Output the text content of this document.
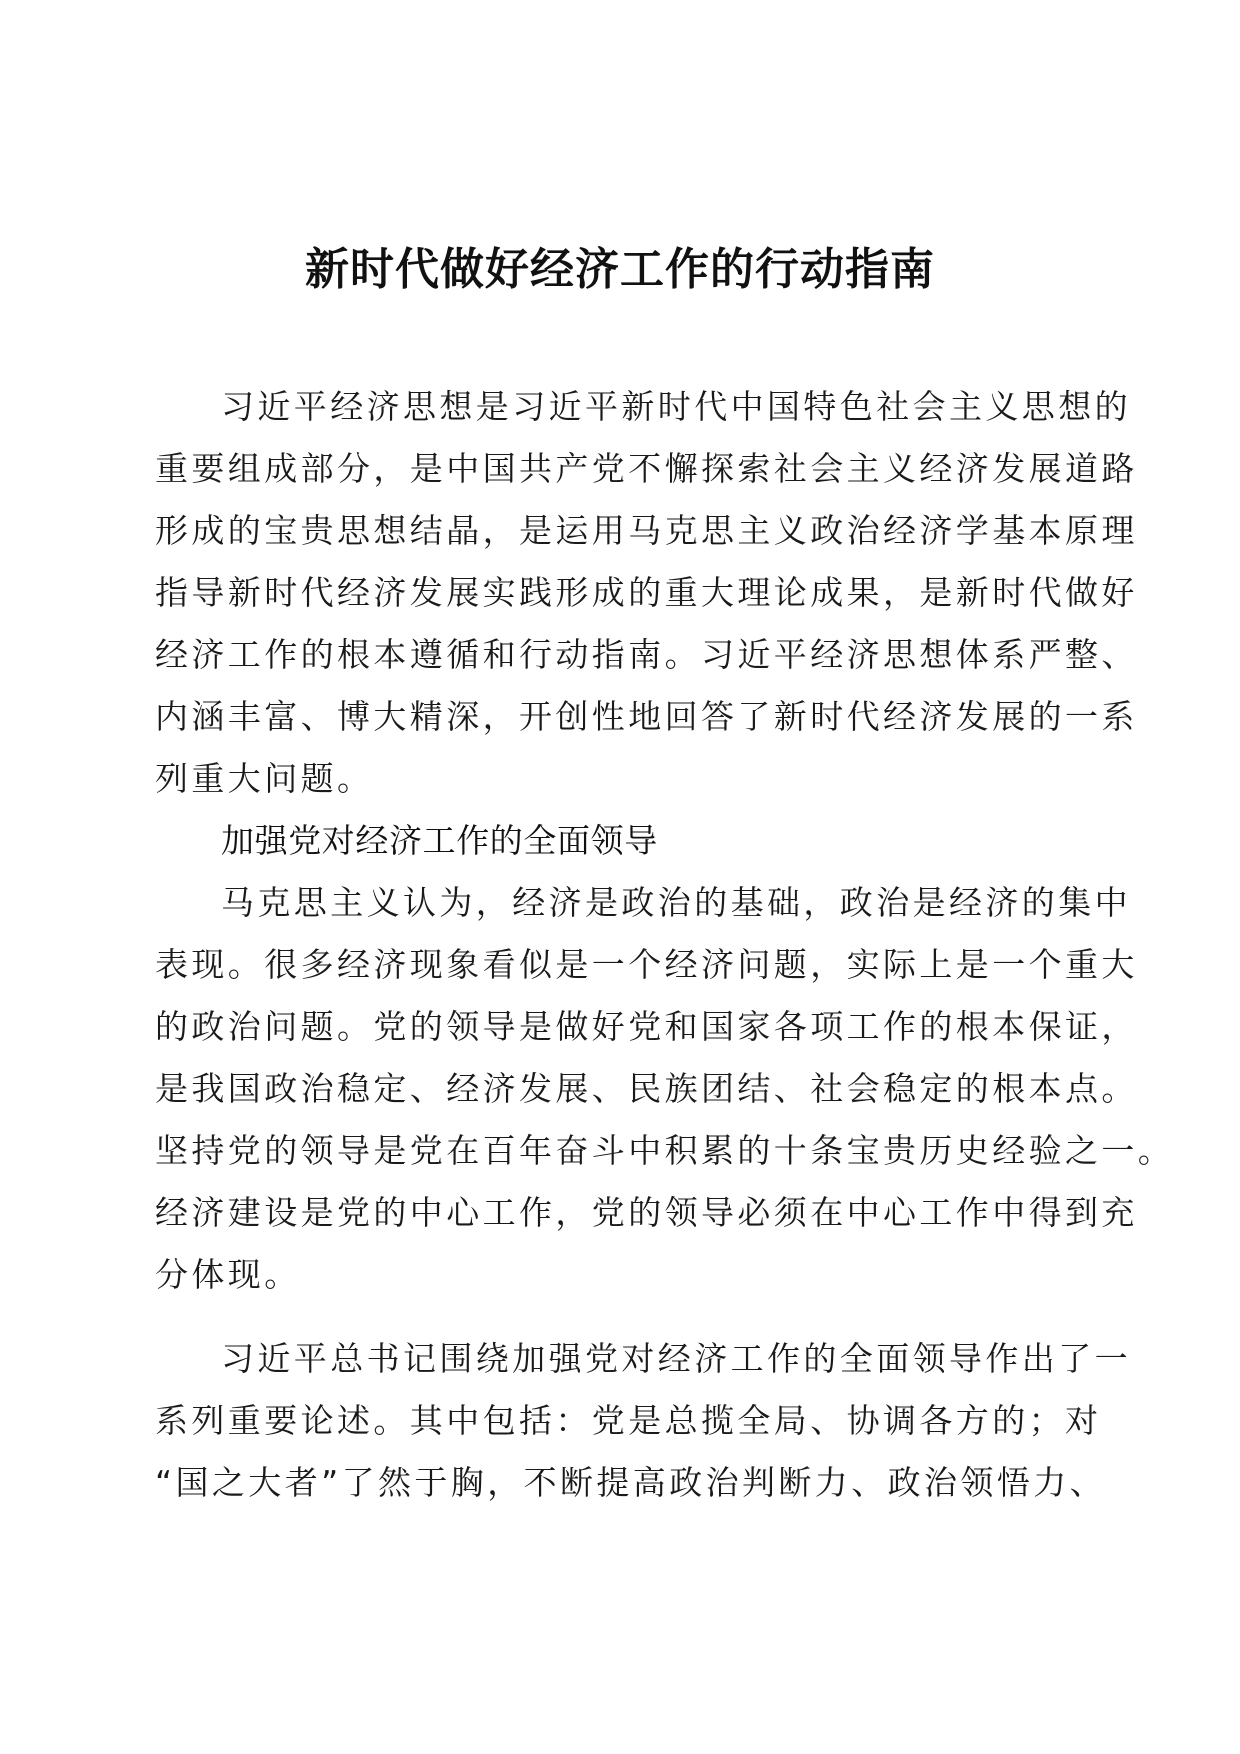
新时代做好经济工作的行动指南
习近平经济思想是习近平新时代中国特色社会主义思想的
重要组成部分，是中国共产党不懈探索社会主义经济发展道路
形成的宝贵思想结晶，是运用马克思主义政治经济学基本原理
指导新时代经济发展实践形成的重大理论成果，是新时代做好
经济工作的根本遵循和行动指南。习近平经济思想体系严整、
内涵丰富、博大精深，开创性地回答了新时代经济发展的一系
列重大问题。
加强党对经济工作的全面领导
马克思主义认为，经济是政治的基础，政治是经济的集中
表现。很多经济现象看似是一个经济问题，实际上是一个重大
的政治问题。党的领导是做好党和国家各项工作的根本保证，
是我国政治稳定、经济发展、民族团结、社会稳定的根本点。
坚持党的领导是党在百年奋斗中积累的十条宝贵历史经验之一。
经济建设是党的中心工作，党的领导必须在中心工作中得到充
分体现。
习近平总书记围绕加强党对经济工作的全面领导作出了一
系列重要论述。其中包括：党是总揽全局、协调各方的；对
“国之大者”了然于胸，不断提高政治判断力、政治领悟力、
